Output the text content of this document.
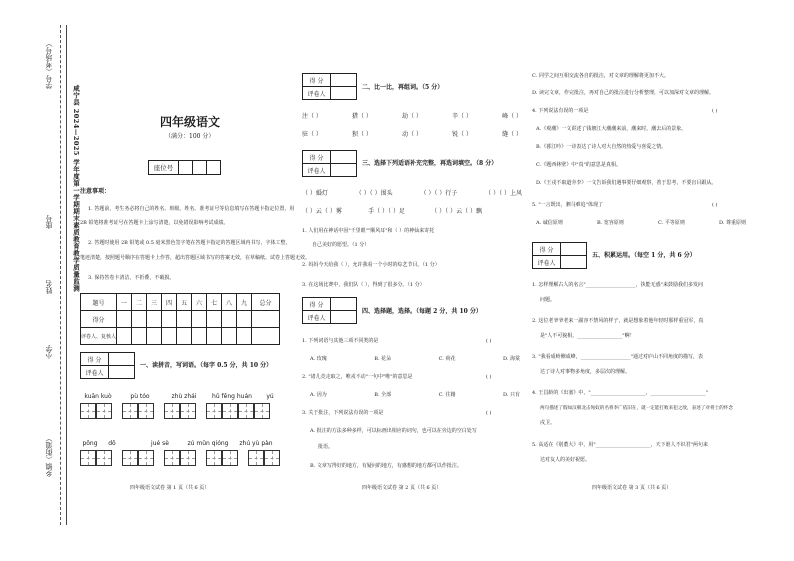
学号（考场号）
座号
姓名
小学
乡镇（街道）
咸宁县 2024—2025 学年度第一学期期末素质教育教学质量监测	四年级语文
（满分：100 分）
座位号			
注意事项：
1. 答题前，考生务必将自己的姓名、班级、姓名、准考证号等信息填写在答题卡指定位置，用
2B 铅笔将准考证号在答题卡上涂写清楚，以免错误影响考试成绩。
2. 答题时使用 2B 铅笔或 0.5 毫米黑色签字笔在答题卡指定的答题区域内书写，字体工整，
笔迹清楚，按照题号顺序在答题卡上作答，超出答题区域书写的答案无效，在草稿纸、试卷上答题无效。
3. 保持答卷卡清洁，不折叠，不破损。
题号	一	二	三	四	五	六	七	八	九	总分
得分										
评卷人、复核人										
得 分	
评卷人	
一、读拼音，写词语。（每字 0.5 分，共 10 分）
kuān kuò	pù tóo	zhù zhái	hǔ fēng huán	yú
pōng	dō	jué sè	zú mǔn qióng	zhú yù pàn
四年级语文试卷 第 1 页（共 6 页）
得 分	
评卷人	
二、比一比，再组词。（5 分）
注（ ）	猎（ ）	劫（ ）	辛（ ）	峰（ ）
驻（ ）	狈（ ）	动（ ）	锐（ ）	缝（ ）
得 分	
评卷人	
三、选择下列适语补充完整，再选词填空。（8 分）
（ ）婚灯	（ ）（ ）围头	（ ）（ ）行子	（ ）（ ）上风
（ ）云（ ）雾	手（ ）（ ）足	（ ）（ ）云（ ）飘
1. 人们用在神话中因"千里眼""顺风耳"和（ ）的神仙来寄托
自己美好的愿望。（1 分）
2. 妈妈今天给我（ ），允许我看一个小时的综艺节目。（1 分）
3. 在这场比赛中，我们队（ ），得到了很多分。（1 分）
得 分	
评卷人	
四、选择题，选择。（每题 2 分，共 10 分）
1. 下列词语与其他三项不同类的是	( )
A. 玫瑰	B. 花朵	C. 荷花	D. 海棠
2. "诸儿竞走取之，唯戎不动"一句中"唯"的意思是	( )
A. 因为	B. 全部	C. 往籍	D. 只有
3. 关于批注，下列说法有误的一项是	( )
A. 批注的方法多种多样，可以标画出相应的词句，也可以在旁边的空白处写
批语。
B. 文章写得好的地方，有疑问的地方，有感想的地方都可以作批注。
四年级语文试卷 第 2 页（共 6 页）
C. 同学之间互相交流各自的批注，对文章的理解将更加不大。
D. 读完文章，作完批注，再对自己的批注进行分析整理，可以加深对文章的理解。
4. 下列说法有误的一项是	( )
A.《观潮》一文讲述了钱塘江大潮潮来前，潮来时，潮去后的景象。
B.《暮江吟》一诗表达了诗人对大自然的热爱与喜爱之情。
C.《题西林壁》中"真"的意思是真相。
D.《王戎不取道旁李》一文告诉我们遇事要仔细观察，善于思考，不要盲目跟从。
5. "一言既出，驷马难追"体现了	( )
A. 诚信原则	B. 宽容原则	C. 平等原则	D. 尊重原则
得 分	
评卷人	
五、积累运用。（每空 1 分，共 6 分）
1. 怎样理解古人的名言"____________________，执能无惑"来鼓励我们多发问
问题。
2. 这位老爷爷老来一副容不禁风的样子，就是想象着他年轻时那样重冠军，真
是"人不可貌相，__________________"啊！
3. "我看成岭侧成峰，____________________"通过对庐山不同角度的描写，表
达了诗人对事物多角度，多层次的理解。
4. 王昌龄的《出塞》中，"______________________，______________________"
两句描述了假如汉朝北击匈奴的名将李广依旧在，就一定能打败来犯之敌，表述了对将士的怀念
戍卫。
5. 高适在《别董大》中，用"______________________，天下谁人不识君"两句来
达对友人的美好祝愿。
四年级语文试卷 第 3 页（共 6 页）
